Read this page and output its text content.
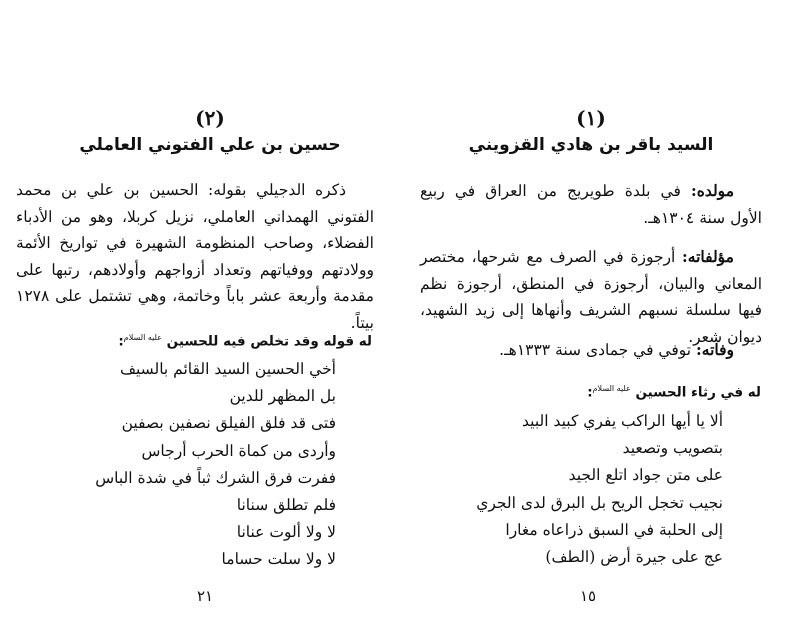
(١)
السيد باقر بن هادي القزويني

مولده: في بلدة طويريج من العراق في ربيع الأول سنة ١٣٠٤هـ.

مؤلفاته: أرجوزة في الصرف مع شرحها، مختصر المعاني والبيان، أرجوزة في المنطق، أرجوزة نظم فيها سلسلة نسبهم الشريف وأنهاها إلى زيد الشهيد، ديوان شعر.

وفاته: توفي في جمادى سنة ١٣٣٣هـ.

له في رثاء الحسين $^{عليه السلام}$:
ألا يا أيها الراكب يفري كبيد البيد
بتصويب وتصعيد
على متن جواد اتلع الجيد
نجيب تخجل الريح بل البرق لدى الجري
إلى الحلبة في السبق ذراعاه مغارا
عج على جيرة أرض (الطف)
١٥
(٢)
حسين بن علي الفتوني العاملي

ذكره الدجيلي بقوله: الحسين بن علي بن محمد الفتوني الهمداني العاملي، نزيل كربلا، وهو من الأدباء الفضلاء، وصاحب المنظومة الشهيرة في تواريخ الأئمة وولادتهم ووفياتهم وتعداد أزواجهم وأولادهم، رتبها على مقدمة وأربعة عشر باباً وخاتمة، وهي تشتمل على ١٢٧٨ بيتاً.

له قوله وقد تخلص فيه للحسين $^{عليه السلام}$:
أخي الحسين السيد القائم بالسيف
بل المظهر للدين
فتى قد فلق الفيلق نصفين بصفين
وأردى من كماة الحرب أرجاس
ففرت فرق الشرك ثباً في شدة الباس
فلم تطلق سنانا
لا ولا ألوت عنانا
لا ولا سلت حساما
٢١
